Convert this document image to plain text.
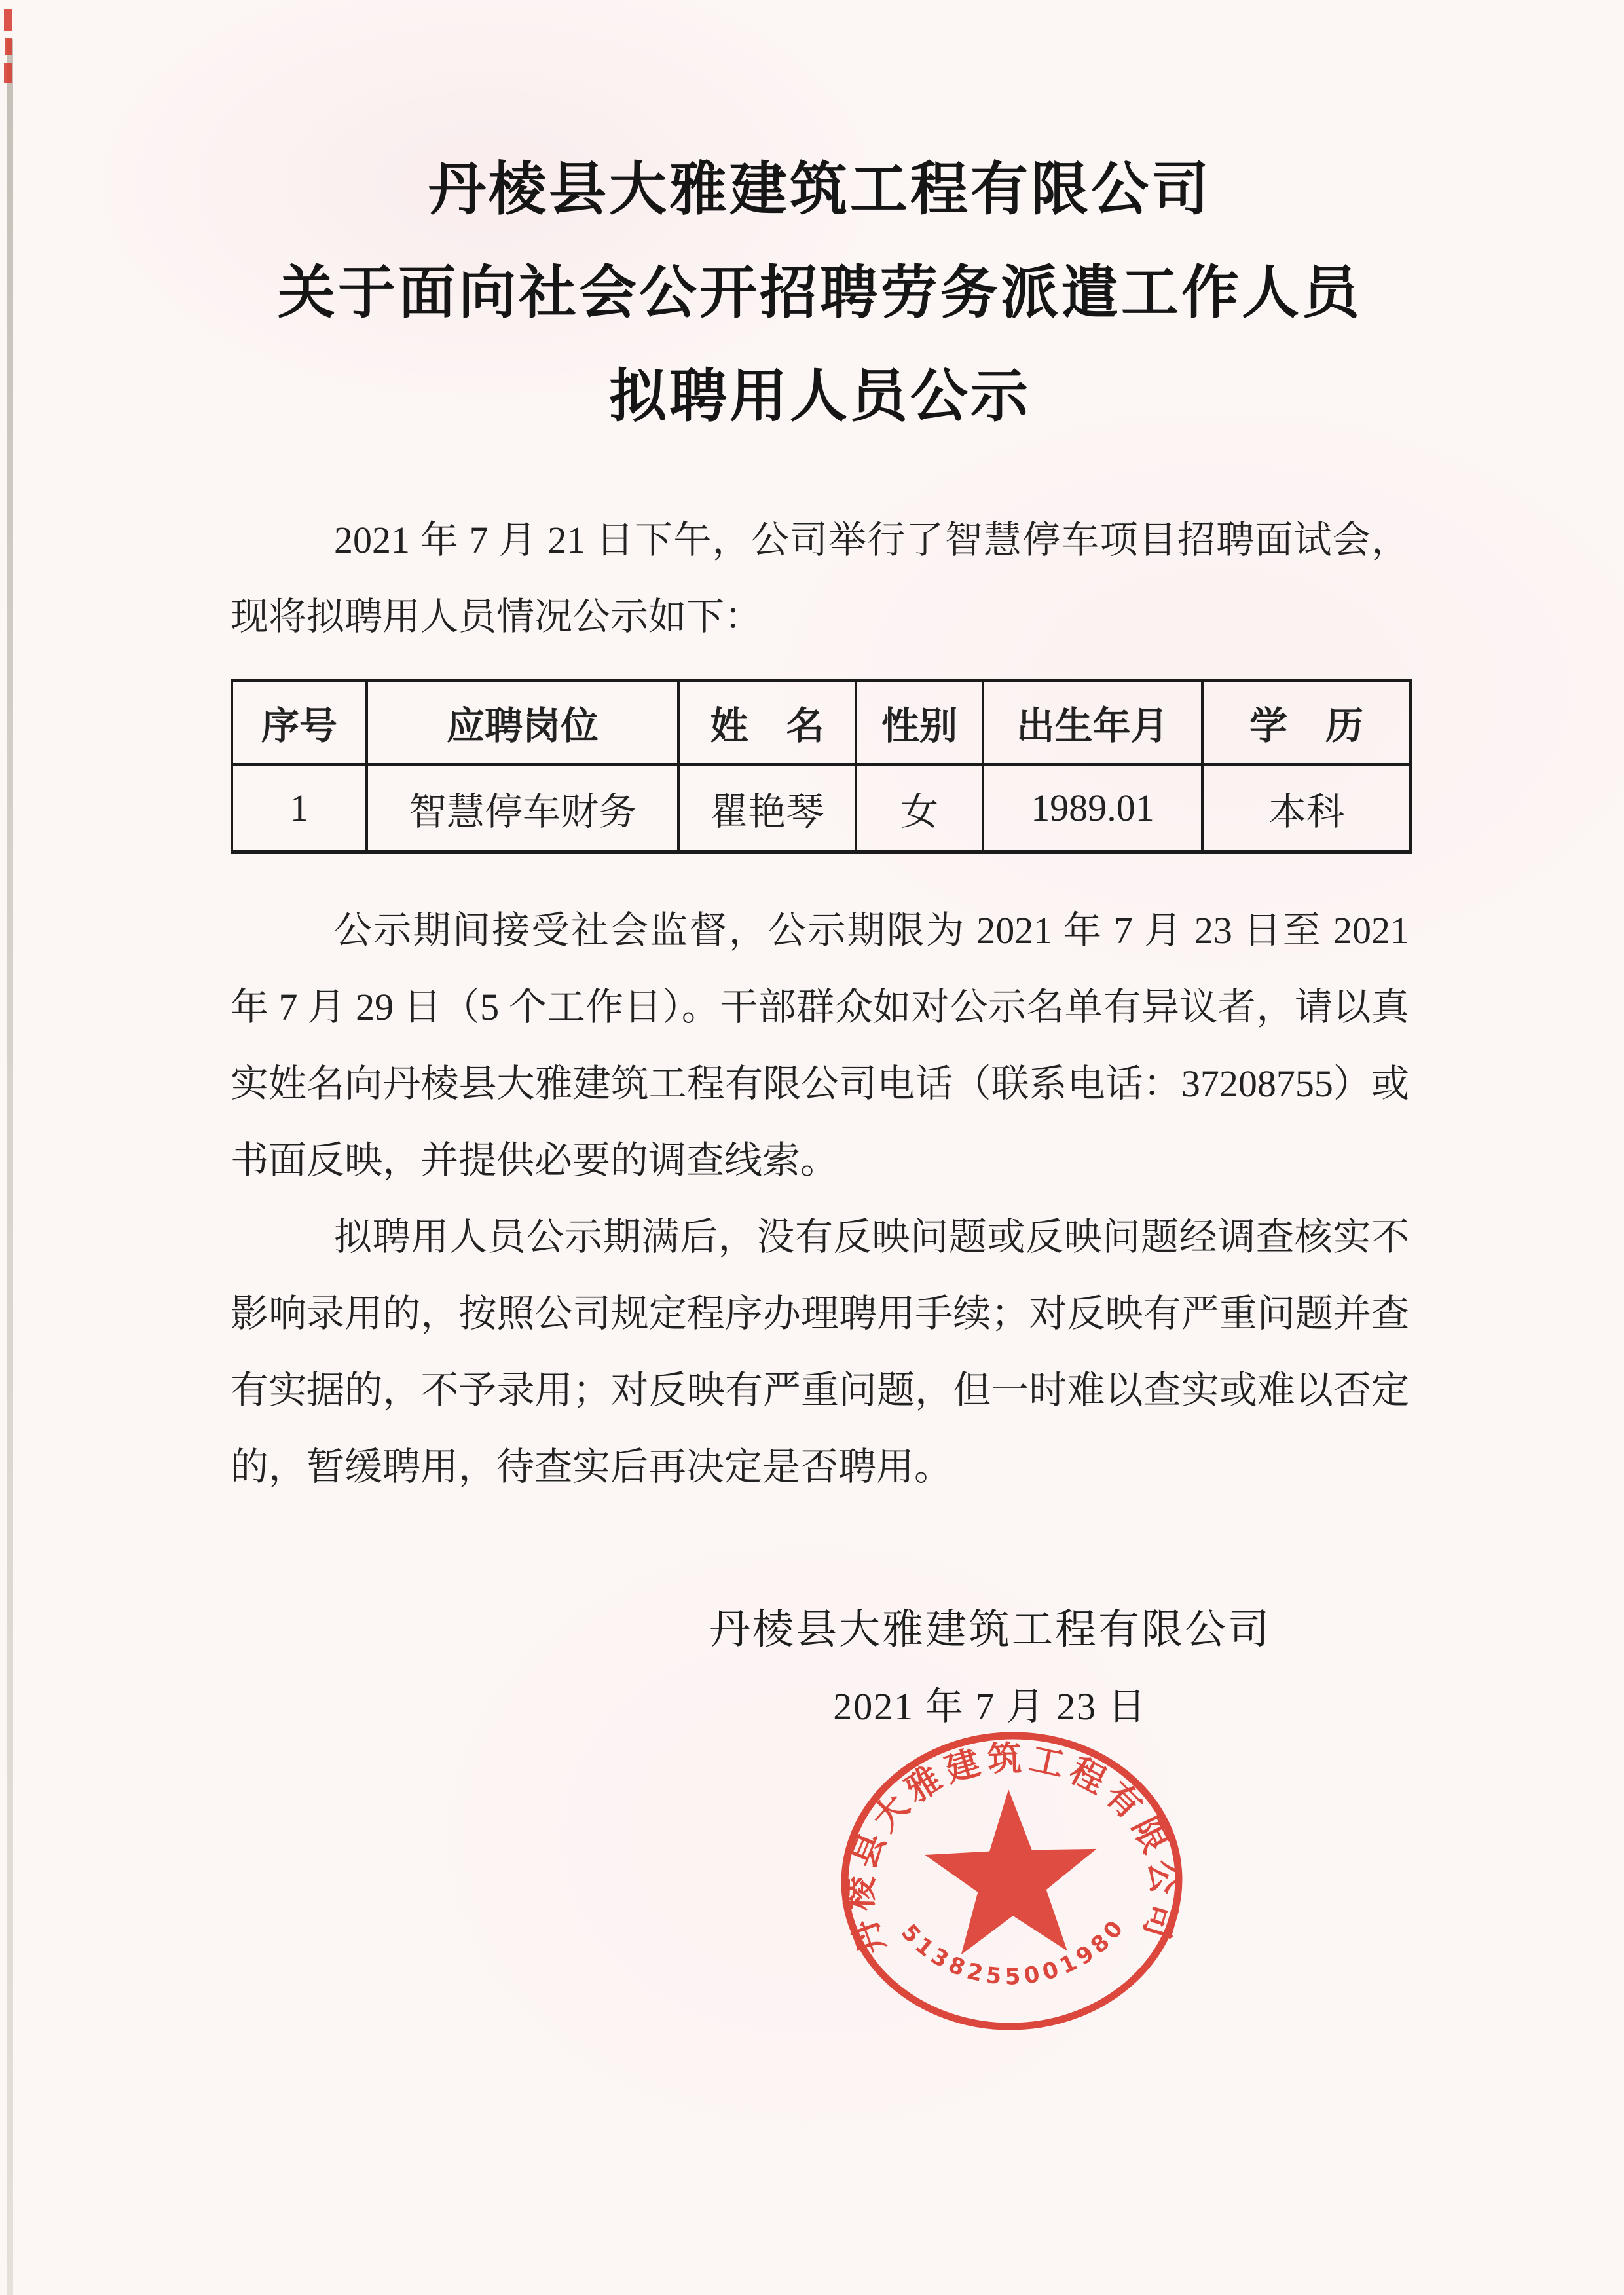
丹棱县大雅建筑工程有限公司
关于面向社会公开招聘劳务派遣工作人员
拟聘用人员公示

2021 年 7 月 21 日下午，公司举行了智慧停车项目招聘面试会，现将拟聘用人员情况公示如下：

序号	应聘岗位	姓　名	性别	出生年月	学　历
1	智慧停车财务	瞿艳琴	女	1989.01	本科

公示期间接受社会监督，公示期限为 2021 年 7 月 23 日至 2021 年 7 月 29 日（5 个工作日）。干部群众如对公示名单有异议者，请以真实姓名向丹棱县大雅建筑工程有限公司电话（联系电话：37208755）或书面反映，并提供必要的调查线索。

拟聘用人员公示期满后，没有反映问题或反映问题经调查核实不影响录用的，按照公司规定程序办理聘用手续；对反映有严重问题并查有实据的，不予录用；对反映有严重问题，但一时难以查实或难以否定的，暂缓聘用，待查实后再决定是否聘用。

丹棱县大雅建筑工程有限公司
2021 年 7 月 23 日
丹棱县大雅建筑工程有限公司
5138255001980
